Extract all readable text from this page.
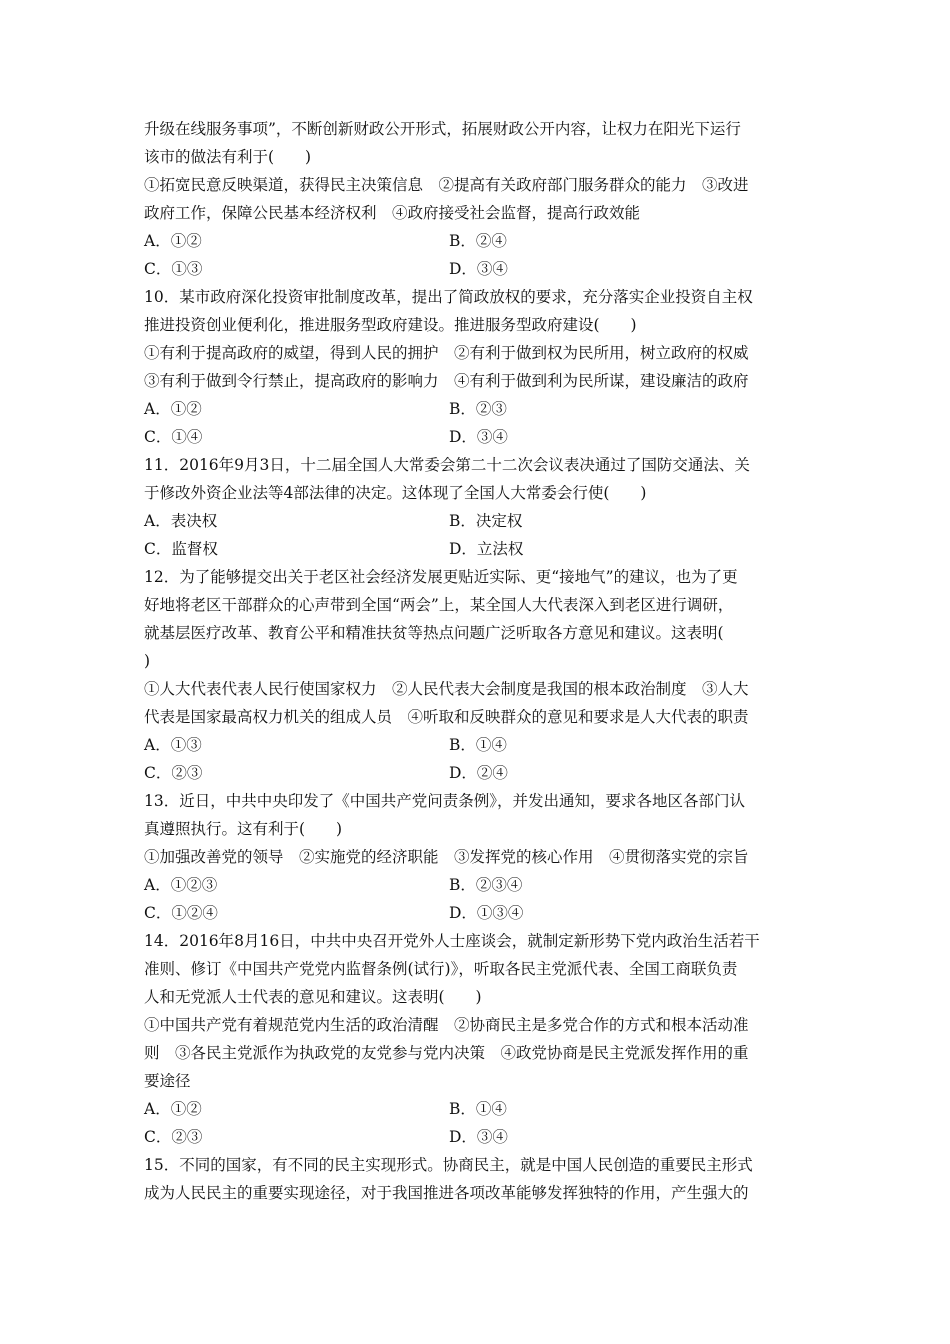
升级在线服务事项”，不断创新财政公开形式，拓展财政公开内容，让权力在阳光下运行
该市的做法有利于(　　)
①拓宽民意反映渠道，获得民主决策信息　②提高有关政府部门服务群众的能力　③改进
政府工作，保障公民基本经济权利　④政府接受社会监督，提高行政效能
A．①②	B．②④
C．①③	D．③④
10．某市政府深化投资审批制度改革，提出了简政放权的要求，充分落实企业投资自主权
推进投资创业便利化，推进服务型政府建设。推进服务型政府建设(　　)
①有利于提高政府的威望，得到人民的拥护　②有利于做到权为民所用，树立政府的权威
③有利于做到令行禁止，提高政府的影响力　④有利于做到利为民所谋，建设廉洁的政府
A．①②	B．②③
C．①④	D．③④
11．2016年9月3日，十二届全国人大常委会第二十二次会议表决通过了国防交通法、关
于修改外资企业法等4部法律的决定。这体现了全国人大常委会行使(　　)
A．表决权	B．决定权
C．监督权	D．立法权
12．为了能够提交出关于老区社会经济发展更贴近实际、更“接地气”的建议，也为了更
好地将老区干部群众的心声带到全国“两会”上，某全国人大代表深入到老区进行调研，
就基层医疗改革、教育公平和精准扶贫等热点问题广泛听取各方意见和建议。这表明(
)
①人大代表代表人民行使国家权力　②人民代表大会制度是我国的根本政治制度　③人大
代表是国家最高权力机关的组成人员　④听取和反映群众的意见和要求是人大代表的职责
A．①③	B．①④
C．②③	D．②④
13．近日，中共中央印发了《中国共产党问责条例》，并发出通知，要求各地区各部门认
真遵照执行。这有利于(　　)
①加强改善党的领导　②实施党的经济职能　③发挥党的核心作用　④贯彻落实党的宗旨
A．①②③	B．②③④
C．①②④	D．①③④
14．2016年8月16日，中共中央召开党外人士座谈会，就制定新形势下党内政治生活若干
准则、修订《中国共产党党内监督条例(试行)》，听取各民主党派代表、全国工商联负责
人和无党派人士代表的意见和建议。这表明(　　)
①中国共产党有着规范党内生活的政治清醒　②协商民主是多党合作的方式和根本活动准
则　③各民主党派作为执政党的友党参与党内决策　④政党协商是民主党派发挥作用的重
要途径
A．①②	B．①④
C．②③	D．③④
15．不同的国家，有不同的民主实现形式。协商民主，就是中国人民创造的重要民主形式
成为人民民主的重要实现途径，对于我国推进各项改革能够发挥独特的作用，产生强大的
